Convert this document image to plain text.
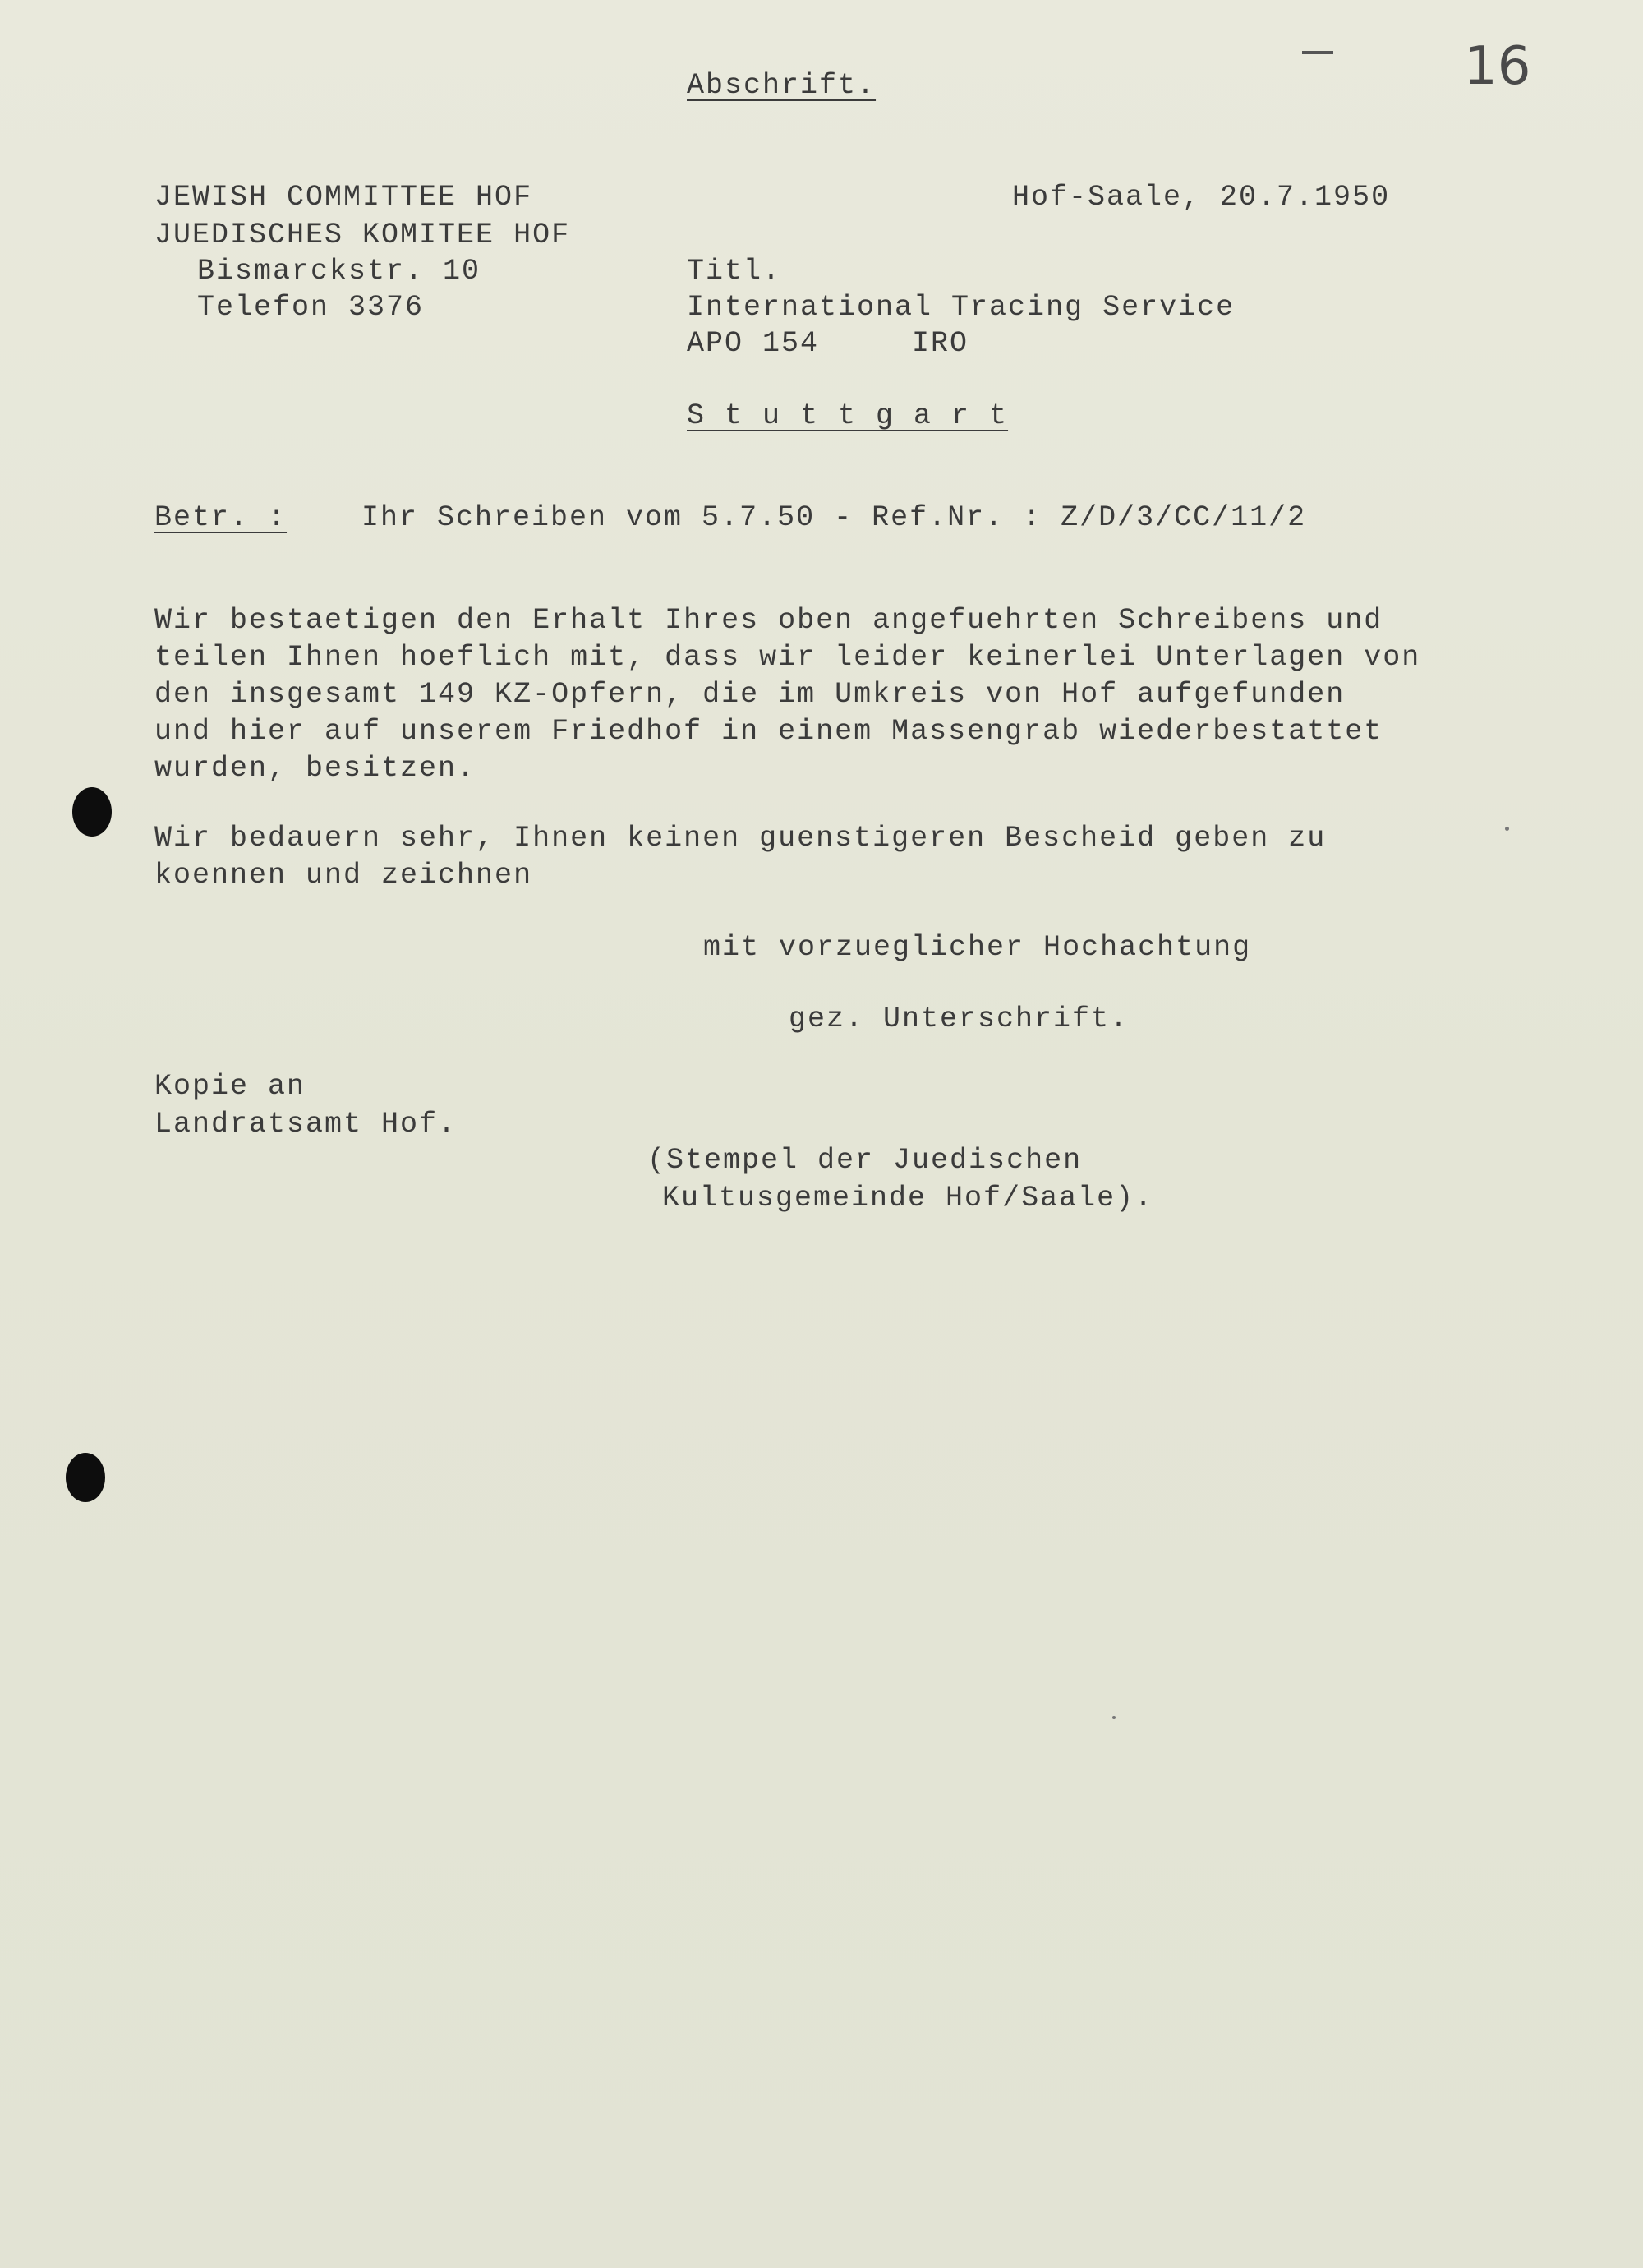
16
Abschrift.
JEWISH COMMITTEE HOF
JUEDISCHES KOMITEE HOF
Bismarckstr. 10
Telefon 3376
Hof-Saale, 20.7.1950
Titl.
International Tracing Service
APO 154	IRO
S t u t t g a r t
Betr. :	Ihr Schreiben vom 5.7.50 - Ref.Nr. : Z/D/3/CC/11/2
Wir bestaetigen den Erhalt Ihres oben angefuehrten Schreibens und
teilen Ihnen hoeflich mit, dass wir leider keinerlei Unterlagen von
den insgesamt 149 KZ-Opfern, die im Umkreis von Hof aufgefunden
und hier auf unserem Friedhof in einem Massengrab wiederbestattet
wurden, besitzen.
Wir bedauern sehr, Ihnen keinen guenstigeren Bescheid geben zu
koennen und zeichnen
mit vorzueglicher Hochachtung
gez. Unterschrift.
Kopie an
Landratsamt Hof.
(Stempel der Juedischen
Kultusgemeinde Hof/Saale).
